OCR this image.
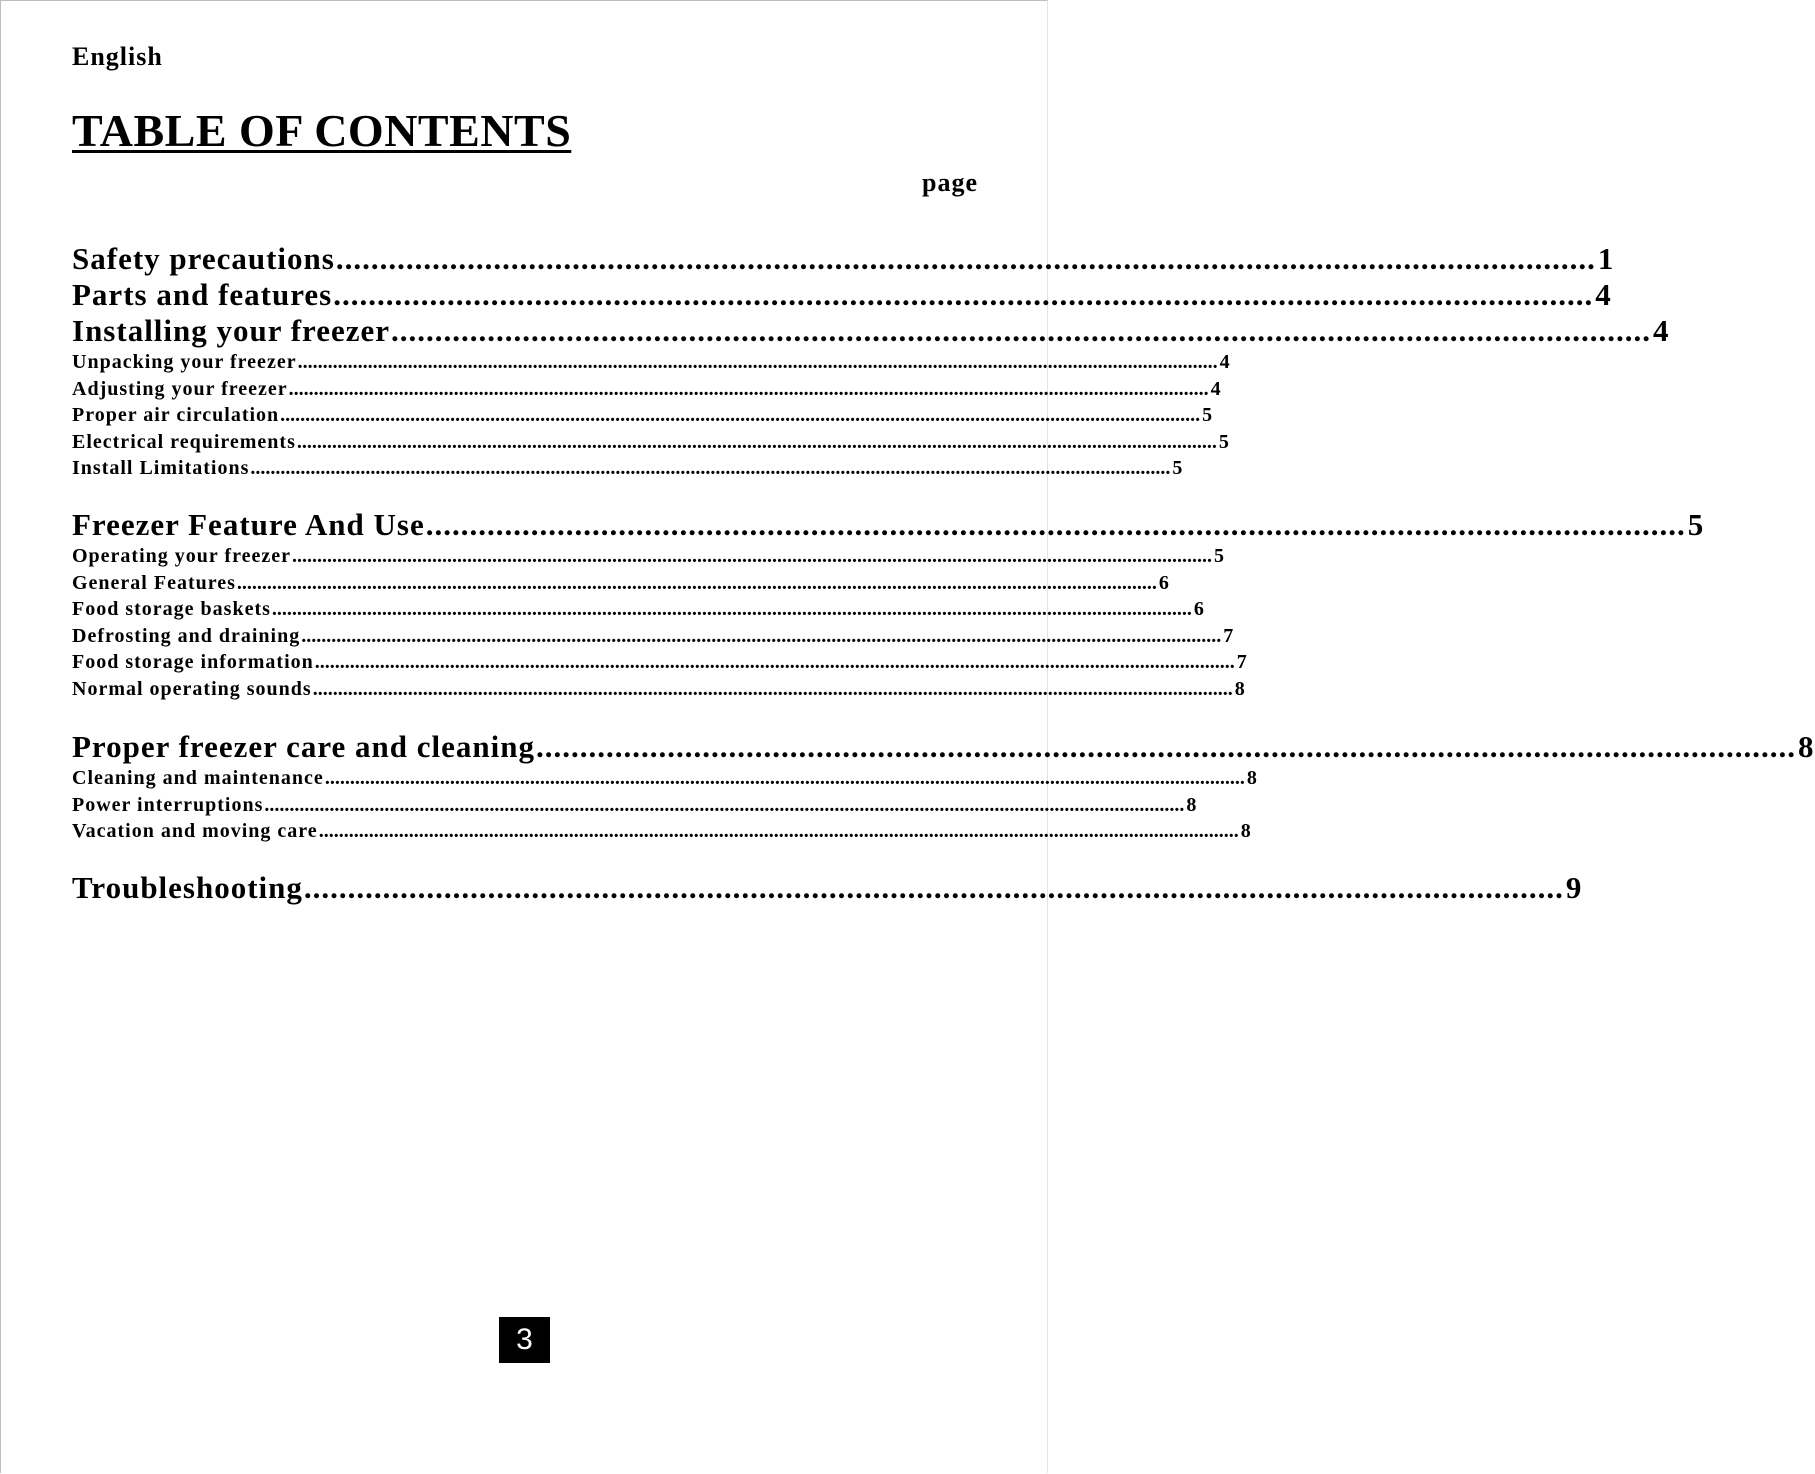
English
TABLE OF CONTENTS
page
Safety precautions ................................................................................................................................................ 1
Parts and features ................................................................................................................................................ 4
Installing your freezer ................................................................................................................................................ 4
Unpacking your freezer ........................................................................................................................................................................................ 4
Adjusting your freezer ........................................................................................................................................................................................ 4
Proper air circulation ........................................................................................................................................................................................ 5
Electrical requirements ........................................................................................................................................................................................ 5
Install Limitations ........................................................................................................................................................................................ 5
Freezer Feature And Use ................................................................................................................................................ 5
Operating your freezer ........................................................................................................................................................................................ 5
General Features ........................................................................................................................................................................................ 6
Food storage baskets ........................................................................................................................................................................................ 6
Defrosting and draining ........................................................................................................................................................................................ 7
Food storage information ........................................................................................................................................................................................ 7
Normal operating sounds ........................................................................................................................................................................................ 8
Proper freezer care and cleaning ................................................................................................................................................ 8
Cleaning and maintenance ........................................................................................................................................................................................ 8
Power interruptions ........................................................................................................................................................................................ 8
Vacation and moving care ........................................................................................................................................................................................ 8
Troubleshooting ................................................................................................................................................ 9
3
